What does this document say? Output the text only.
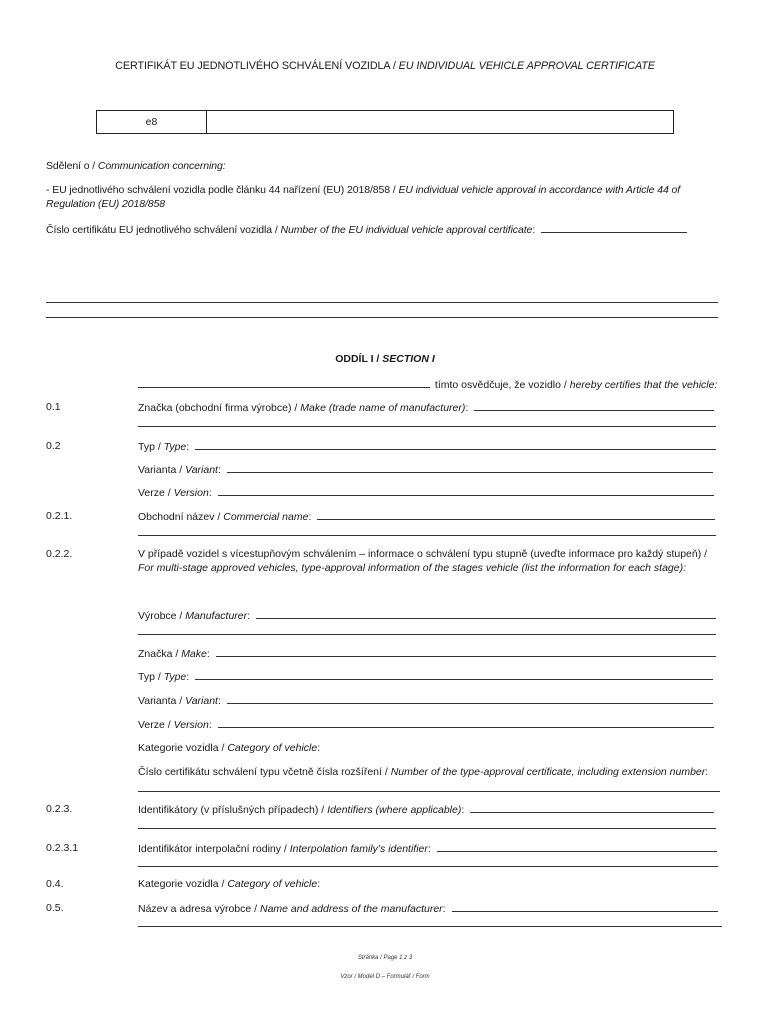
CERTIFIKÁT EU JEDNOTLIVÉHO SCHVÁLENÍ VOZIDLA / EU INDIVIDUAL VEHICLE APPROVAL CERTIFICATE
e8
Sdělení o / Communication concerning:
- EU jednotlivého schválení vozidla podle článku 44 nařízení (EU) 2018/858 / EU individual vehicle approval in accordance with Article 44 of
Regulation (EU) 2018/858
Číslo certifikátu EU jednotlivého schválení vozidla / Number of the EU individual vehicle approval certificate:
ODDÍL I / SECTION I
tímto osvědčuje, že vozidlo / hereby certifies that the vehicle:
0.1	Značka (obchodní firma výrobce) / Make (trade name of manufacturer):
0.2	Typ / Type:
Varianta / Variant:
Verze / Version:
0.2.1.	Obchodní název / Commercial name:
0.2.2.	V případě vozidel s vícestupňovým schválením – informace o schválení typu stupně (uveďte informace pro každý stupeň) /
For multi-stage approved vehicles, type-approval information of the stages vehicle (list the information for each stage):
Výrobce / Manufacturer:
Značka / Make:
Typ / Type:
Varianta / Variant:
Verze / Version:
Kategorie vozidla / Category of vehicle:
Číslo certifikátu schválení typu včetně čísla rozšíření / Number of the type-approval certificate, including extension number:
0.2.3.	Identifikátory (v příslušných případech) / Identifiers (where applicable):
0.2.3.1	Identifikátor interpolační rodiny / Interpolation family’s identifier:
0.4.	Kategorie vozidla / Category of vehicle:
0.5.	Název a adresa výrobce / Name and address of the manufacturer:
Stránka / Page 1 z 3
Vzor / Model D – Formulář / Form
